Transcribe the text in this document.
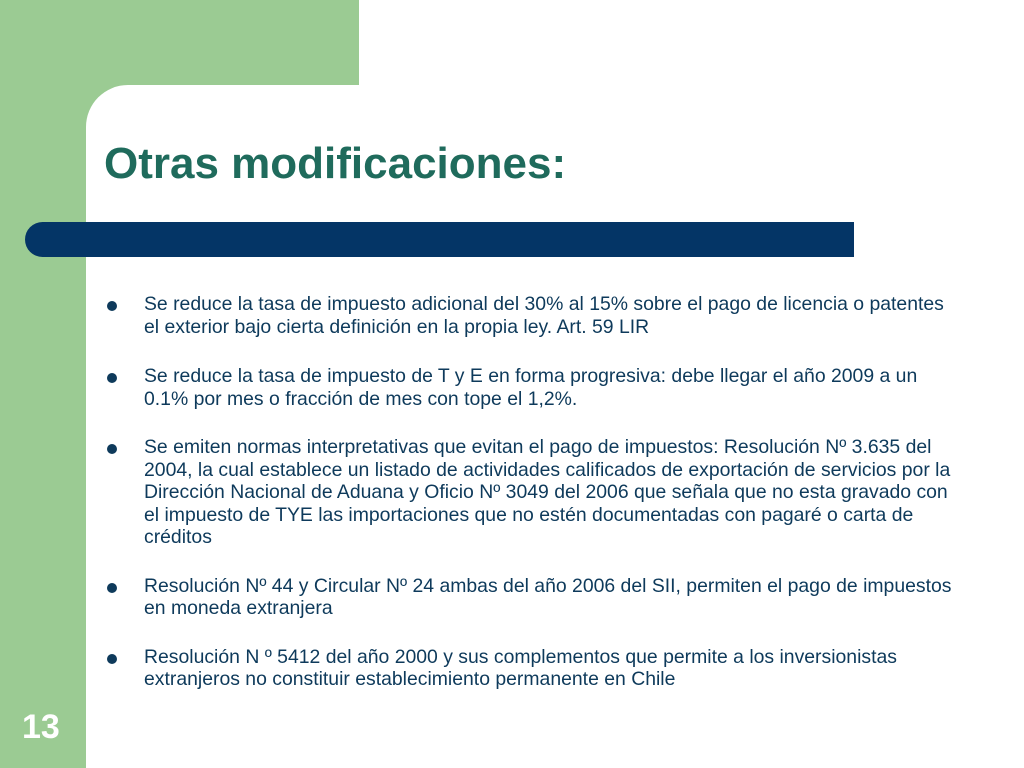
Otras modificaciones:
Se reduce la tasa de impuesto adicional del 30% al 15% sobre el pago de licencia o patentes el exterior bajo cierta definición en la propia ley. Art. 59 LIR
Se reduce la tasa de impuesto de T y E en forma progresiva: debe llegar el año 2009 a un 0.1% por mes o fracción de mes con tope el 1,2%.
Se emiten normas interpretativas que evitan el pago de impuestos: Resolución Nº 3.635 del 2004, la cual establece un listado de actividades calificados de exportación de servicios por la Dirección Nacional de Aduana y Oficio Nº 3049 del 2006 que señala que no esta gravado con el impuesto de TYE las importaciones que no estén documentadas con pagaré o carta de créditos
Resolución Nº 44 y Circular Nº 24 ambas del año 2006 del SII, permiten el pago de impuestos en moneda extranjera
Resolución N º 5412 del año 2000 y sus complementos que permite a los inversionistas extranjeros no constituir establecimiento permanente en Chile
13
